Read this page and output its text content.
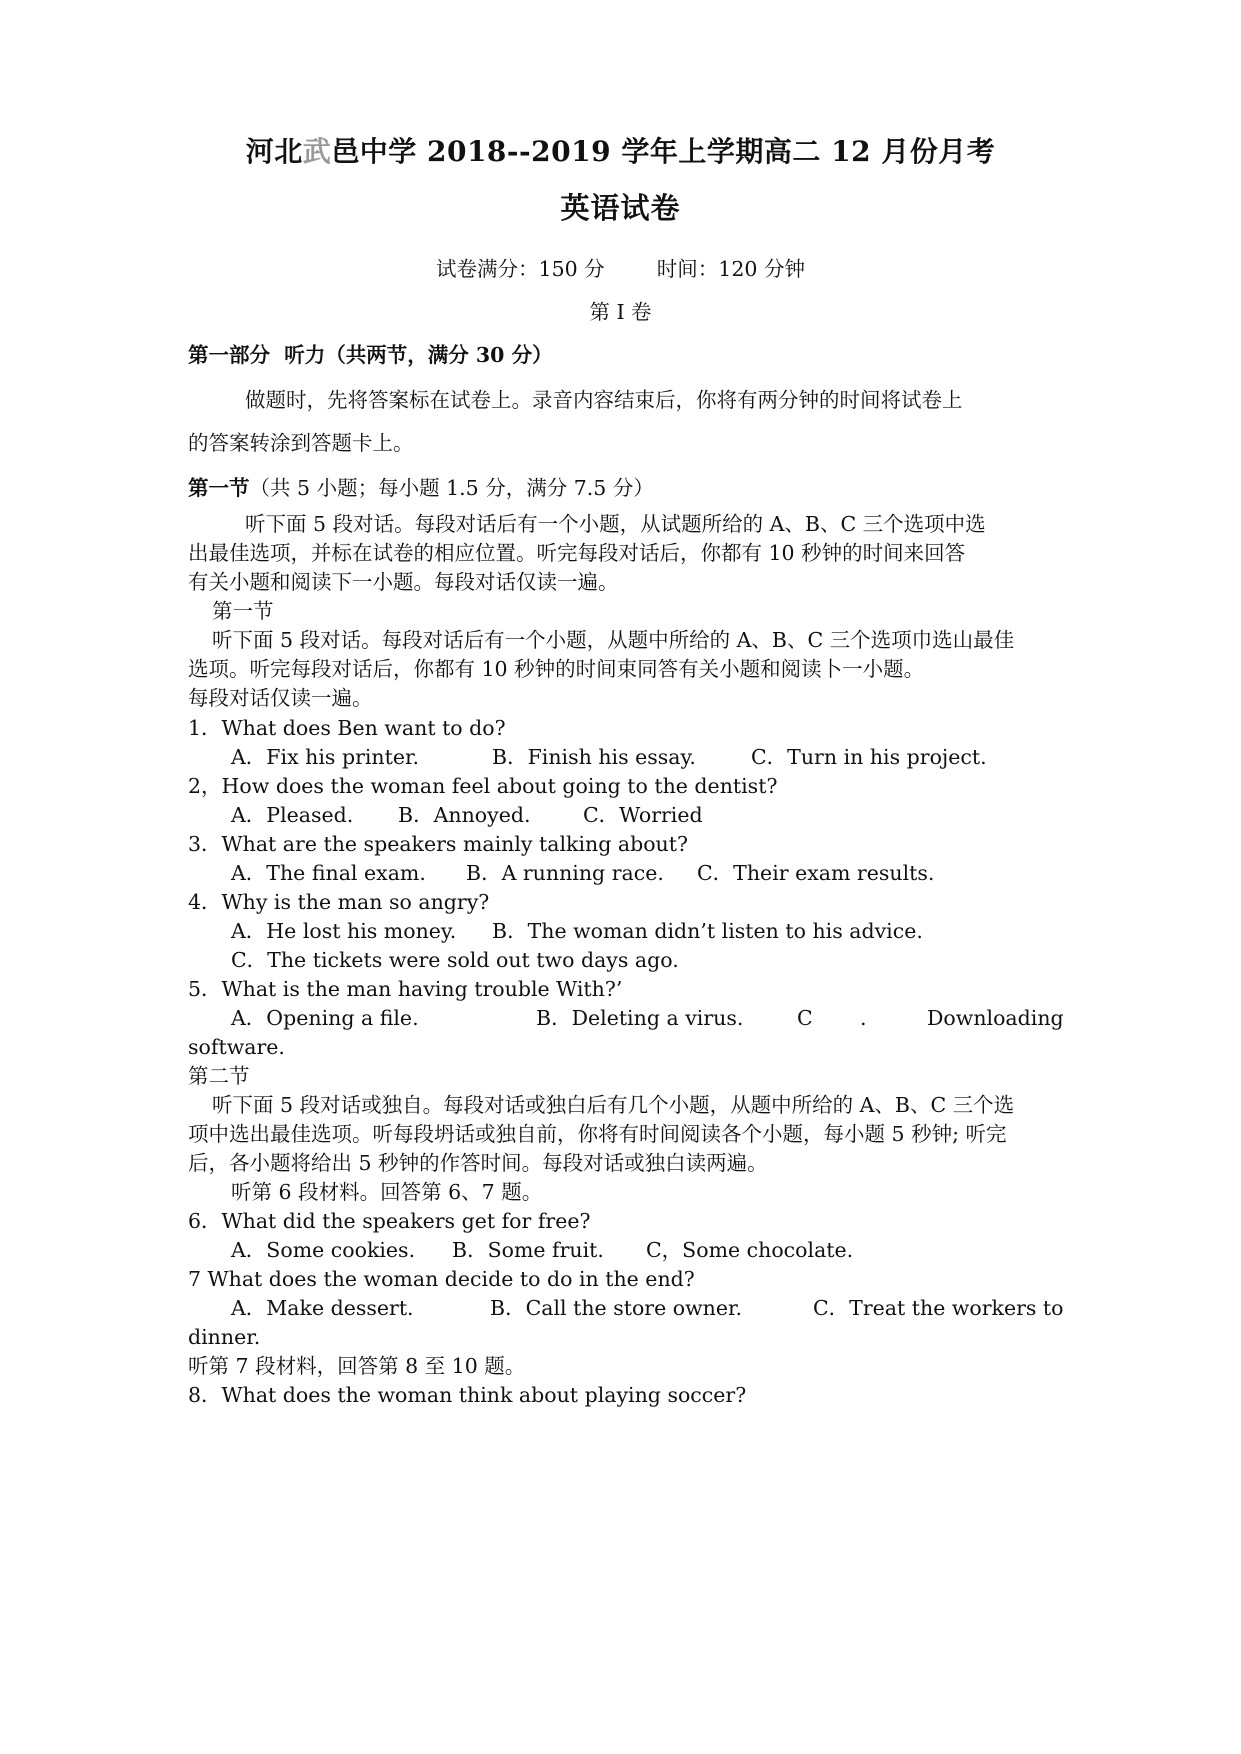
河北武邑中学 2018--2019 学年上学期高二 12 月份月考
英语试卷
试卷满分：150 分        时间：120 分钟
第 I 卷
第一部分  听力（共两节，满分 30 分）
做题时，先将答案标在试卷上。录音内容结束后，你将有两分钟的时间将试卷上
的答案转涂到答题卡上。
第一节（共 5 小题；每小题 1.5 分，满分 7.5 分）
听下面 5 段对话。每段对话后有一个小题，从试题所给的 A、B、C 三个选项中选
出最佳选项，并标在试卷的相应位置。听完每段对话后，你都有 10 秒钟的时间来回答
有关小题和阅读下一小题。每段对话仅读一遍。
第一节
听下面 5 段对话。每段对话后有一个小题，从题中所给的 A、B、C 三个选项巾选山最佳
选项。听完每段对话后，你都有 10 秒钟的时间束同答有关小题和阅读卜一小题。
每段对话仅读一遍。
1．What does Ben want to do?
A．Fix his printer.	B．Finish his essay.	C．Turn in his project.
2，How does the woman feel about going to the dentist?
A．Pleased. B．Annoyed.	C．Worried
3．What are the speakers mainly talking about?
A．The final exam. B．A running race. C．Their exam results.
4．Why is the man so angry?
A．He lost his money. B．The woman didn’t listen to his advice.
C．The tickets were sold out two days ago.
5．What is the man having trouble With?’
A．Opening a file.	B．Deleting a virus.	C .	Downloading
software.
第二节
听下面 5 段对话或独自。每段对话或独白后有几个小题，从题中所给的 A、B、C 三个选
项中选出最佳选项。听每段坍话或独自前，你将有时间阅读各个小题，每小题 5 秒钟; 听完
后，各小题将给出 5 秒钟的作答时间。每段对话或独白读两遍。
听第 6 段材料。回答第 6、7 题。
6．What did the speakers get for free?
A．Some cookies. B．Some fruit. C，Some chocolate.
7 What does the woman decide to do in the end?
A．Make dessert.	B．Call the store owner.	C．Treat the workers to
dinner.
听第 7 段材料，回答第 8 至 10 题。
8．What does the woman think about playing soccer?
